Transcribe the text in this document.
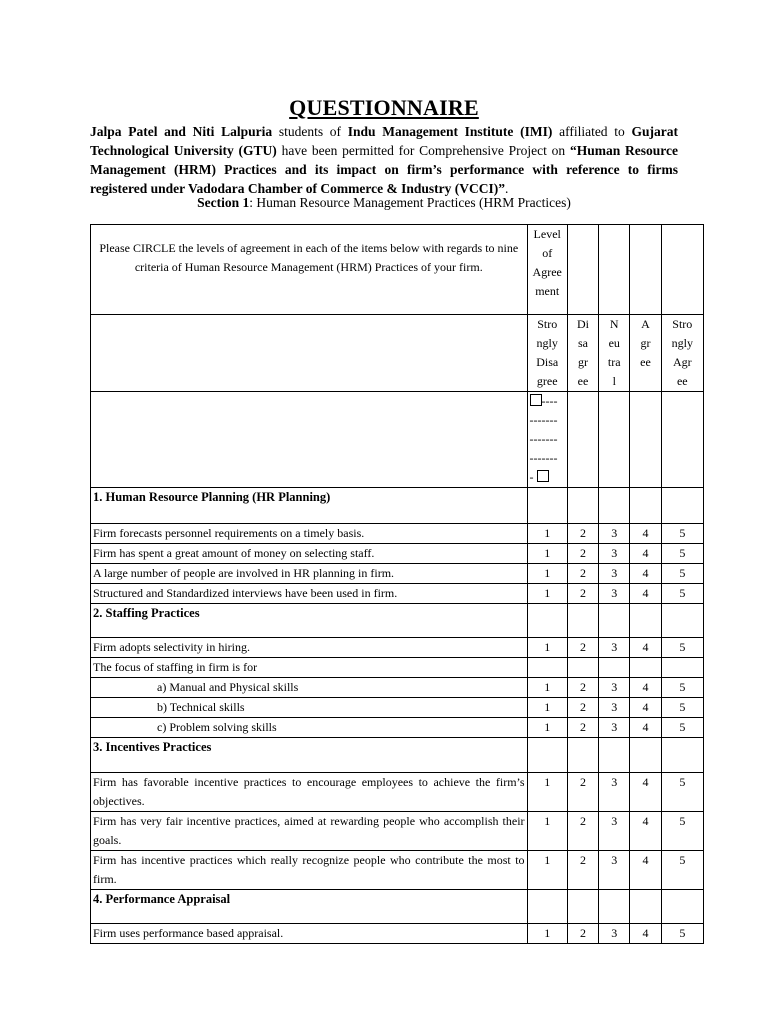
QUESTIONNAIRE
Jalpa Patel and Niti Lalpuria students of Indu Management Institute (IMI) affiliated to Gujarat Technological University (GTU) have been permitted for Comprehensive Project on “Human Resource Management (HRM) Practices and its impact on firm’s performance with reference to firms registered under Vadodara Chamber of Commerce & Industry (VCCI)”.
Section 1: Human Resource Management Practices (HRM Practices)
Please CIRCLE the levels of agreement in each of the items below with regards to nine criteria of Human Resource Management (HRM) Practices of your firm.	Level
of
Agree
ment				
	Stro
ngly
Disa
gree	Di
sa
gr
ee	N
eu
tra
l	A
gr
ee	Stro
ngly
Agr
ee
	----
-------
-------
-------
-				
1. Human Resource Planning (HR Planning)					
Firm forecasts personnel requirements on a timely basis.	1	2	3	4	5
Firm has spent a great amount of money on selecting staff.	1	2	3	4	5
A large number of people are involved in HR planning in firm.	1	2	3	4	5
Structured and Standardized interviews have been used in firm.	1	2	3	4	5
2. Staffing Practices					
Firm adopts selectivity in hiring.	1	2	3	4	5
The focus of staffing in firm is for					
a) Manual and Physical skills	1	2	3	4	5
b) Technical skills	1	2	3	4	5
c) Problem solving skills	1	2	3	4	5
3. Incentives Practices					
Firm has favorable incentive practices to encourage employees to achieve the firm’s objectives.	1	2	3	4	5
Firm has very fair incentive practices, aimed at rewarding people who accomplish their goals.	1	2	3	4	5
Firm has incentive practices which really recognize people who contribute the most to firm.	1	2	3	4	5
4. Performance Appraisal					
Firm uses performance based appraisal.	1	2	3	4	5
